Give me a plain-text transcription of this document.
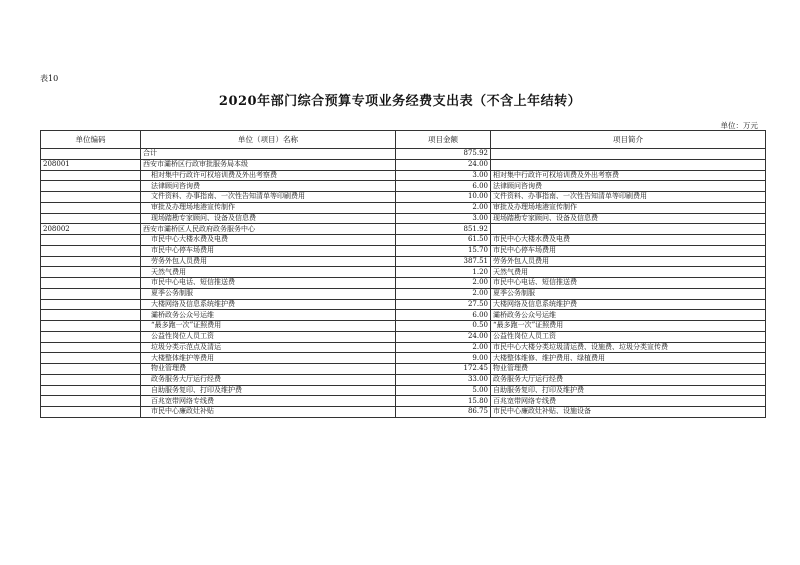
表10
2020年部门综合预算专项业务经费支出表（不含上年结转）
单位：万元
单位编码	单位（项目）名称	项目金额	项目简介
	合计	875.92	
208001	西安市灞桥区行政审批服务局本级	24.00	
	相对集中行政许可权培训费及外出考察费	3.00	相对集中行政许可权培训费及外出考察费
	法律顾问咨询费	6.00	法律顾问咨询费
	文件资料、办事指南、一次性告知清单等印刷费用	10.00	文件资料、办事指南、一次性告知清单等印刷费用
	审批及办理场地港宣传制作	2.00	审批及办理场地港宣传制作
	现场踏勘专家顾问、设备及信息费	3.00	现场踏勘专家顾问、设备及信息费
208002	西安市灞桥区人民政府政务服务中心	851.92	
	市民中心大楼水费及电费	61.50	市民中心大楼水费及电费
	市民中心停车场费用	15.70	市民中心停车场费用
	劳务外包人员费用	387.51	劳务外包人员费用
	天然气费用	1.20	天然气费用
	市民中心电话、短信推送费	2.00	市民中心电话、短信推送费
	夏季公务制服	2.00	夏季公务制服
	大楼网络及信息系统维护费	27.50	大楼网络及信息系统维护费
	灞桥政务公众号运维	6.00	灞桥政务公众号运维
	“最多跑一次”证照费用	0.50	“最多跑一次”证照费用
	公益性岗位人员工资	24.00	公益性岗位人员工资
	垃圾分类示范点及清运	2.00	市民中心大楼分类垃圾清运费、设施费、垃圾分类宣传费
	大楼整体维护等费用	9.00	大楼整体维修、维护费用、绿植费用
	物业管理费	172.45	物业管理费
	政务服务大厅运行经费	33.00	政务服务大厅运行经费
	自助服务复印、打印及维护费	5.00	自助服务复印、打印及维护费
	百兆宽带网络专线费	15.80	百兆宽带网络专线费
	市民中心廉政灶补贴	86.75	市民中心廉政灶补贴、设施设备
